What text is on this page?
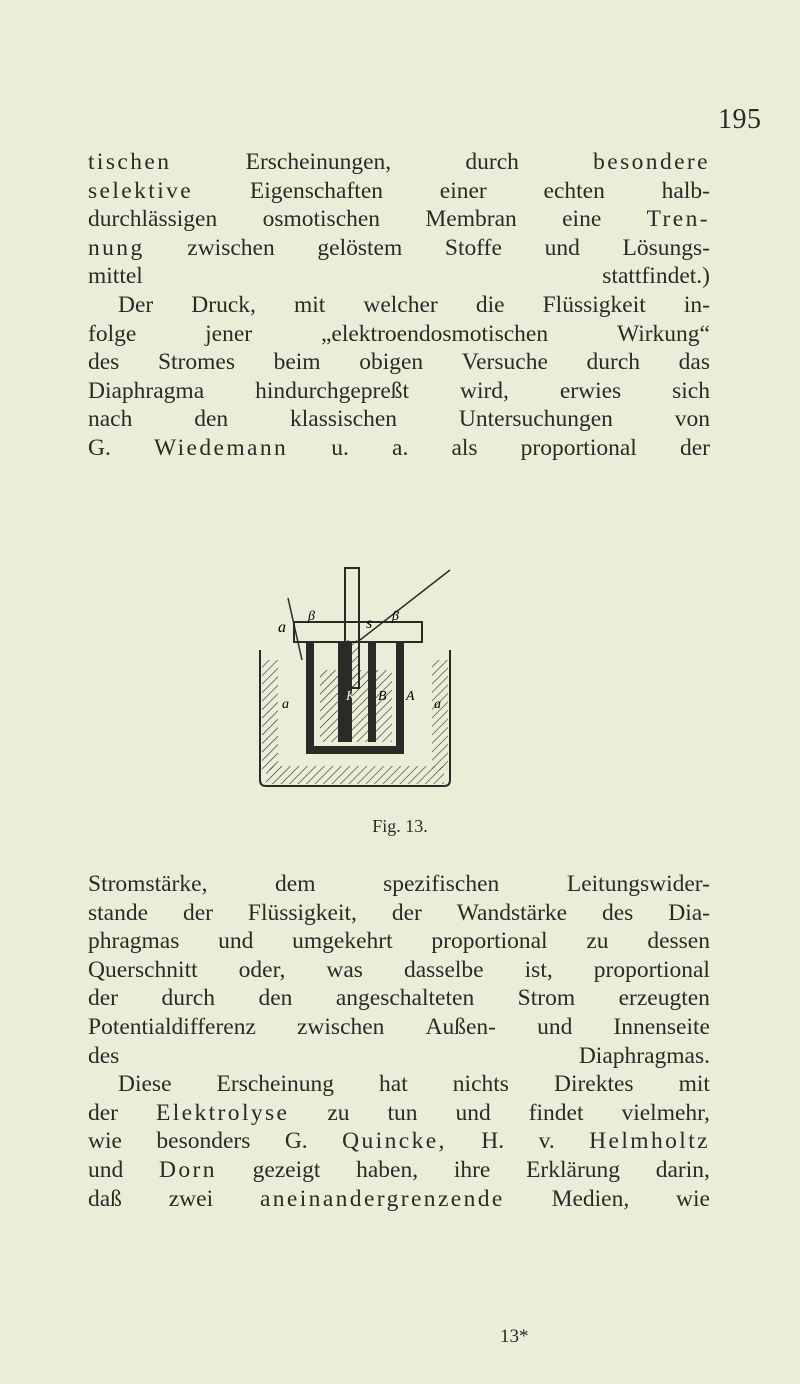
195
tischen	Erscheinungen,	durch	besondere
selektive Eigenschaften einer echten halb-
durchlässigen osmotischen Membran eine Tren-
nung zwischen gelöstem Stoffe und Lösungs-
mittel stattfindet.)
Der Druck, mit welcher die Flüssigkeit in-
folge	jener	„elektroendosmotischen	Wirkung“
des Stromes beim obigen Versuche durch das
Diaphragma hindurchgepreßt wird, erwies sich
nach	den	klassischen	Untersuchungen	von
G. Wiedemann u. a. als proportional der
a	s
β	β
a
K B A
a
Fig. 13.
Stromstärke,	dem	spezifischen	Leitungswider-
stande der Flüssigkeit, der Wandstärke des Dia-
phragmas und umgekehrt proportional zu dessen
Querschnitt oder, was dasselbe ist, proportional
der durch den angeschalteten Strom erzeugten
Potentialdifferenz zwischen Außen- und Innenseite
des Diaphragmas.
Diese Erscheinung hat nichts Direktes mit
der Elektrolyse zu tun und findet vielmehr,
wie besonders G. Quincke, H. v. Helmholtz
und Dorn gezeigt haben, ihre Erklärung darin,
daß zwei aneinandergrenzende Medien, wie
13*
